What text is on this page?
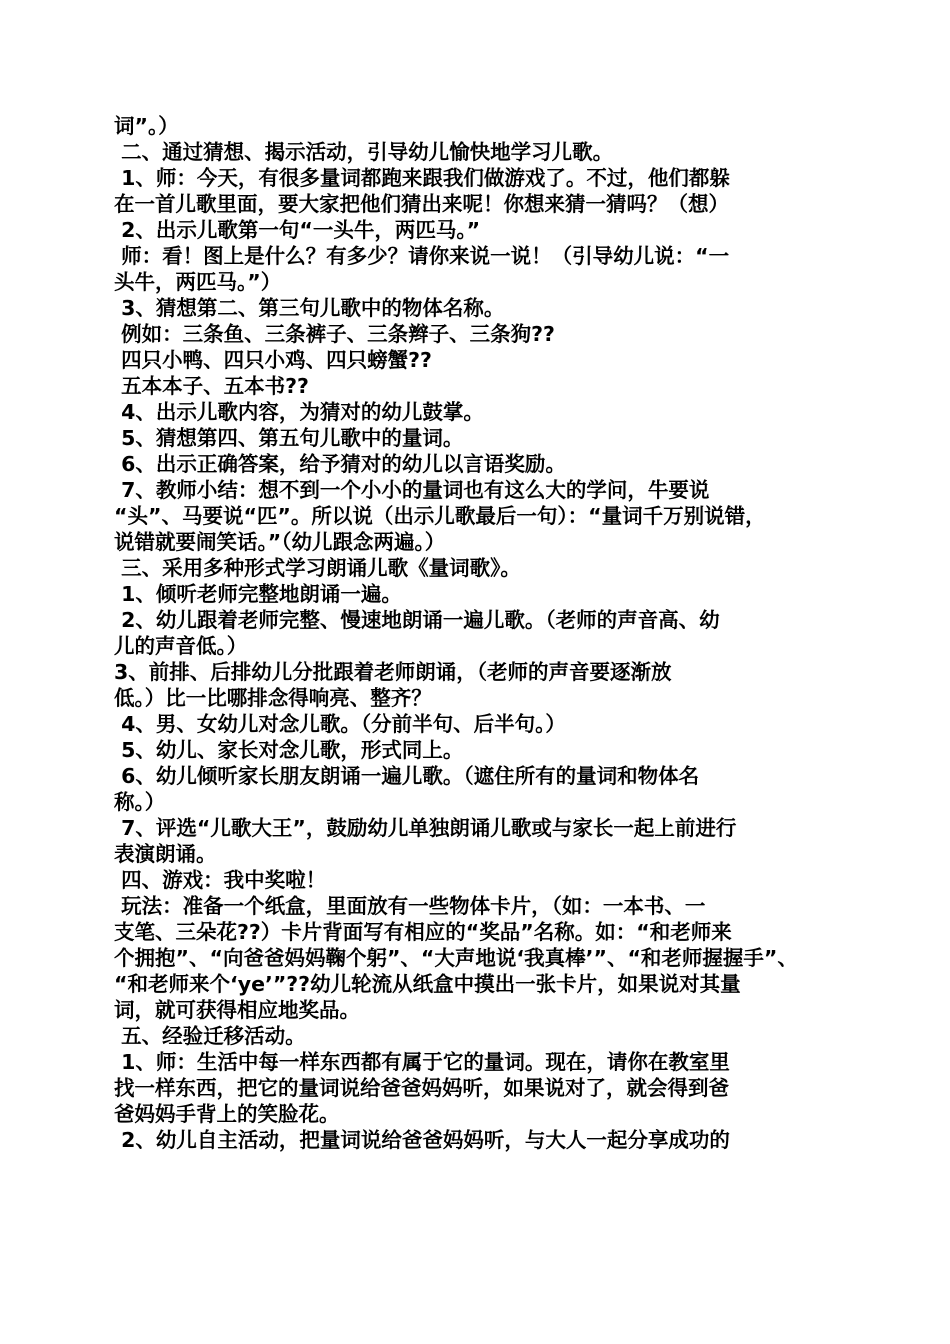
词”。）

二、通过猜想、揭示活动，引导幼儿愉快地学习儿歌。

1、师：今天，有很多量词都跑来跟我们做游戏了。不过，他们都躲

在一首儿歌里面，要大家把他们猜出来呢！你想来猜一猜吗？（想）

2、出示儿歌第一句“一头牛，两匹马。”

师：看！图上是什么？有多少？请你来说一说！（引导幼儿说：“一

头牛，两匹马。”）

3、猜想第二、第三句儿歌中的物体名称。

例如：三条鱼、三条裤子、三条辫子、三条狗??

四只小鸭、四只小鸡、四只螃蟹??

五本本子、五本书??

4、出示儿歌内容，为猜对的幼儿鼓掌。

5、猜想第四、第五句儿歌中的量词。

6、出示正确答案，给予猜对的幼儿以言语奖励。

7、教师小结：想不到一个小小的量词也有这么大的学问，牛要说

“头”、马要说“匹”。所以说（出示儿歌最后一句）：“量词千万别说错，

说错就要闹笑话。”（幼儿跟念两遍。）

三、采用多种形式学习朗诵儿歌《量词歌》。

1、倾听老师完整地朗诵一遍。

2、幼儿跟着老师完整、慢速地朗诵一遍儿歌。（老师的声音高、幼

儿的声音低。）

3、前排、后排幼儿分批跟着老师朗诵，（老师的声音要逐渐放

低。）比一比哪排念得响亮、整齐？

4、男、女幼儿对念儿歌。（分前半句、后半句。）

5、幼儿、家长对念儿歌，形式同上。

6、幼儿倾听家长朋友朗诵一遍儿歌。（遮住所有的量词和物体名

称。）

7、评选“儿歌大王”，鼓励幼儿单独朗诵儿歌或与家长一起上前进行

表演朗诵。

四、游戏：我中奖啦！

玩法：准备一个纸盒，里面放有一些物体卡片，（如：一本书、一

支笔、三朵花??）卡片背面写有相应的“奖品”名称。如：“和老师来

个拥抱”、“向爸爸妈妈鞠个躬”、“大声地说‘我真棒’”、“和老师握握手”、

“和老师来个‘ye’”??幼儿轮流从纸盒中摸出一张卡片，如果说对其量

词，就可获得相应地奖品。

五、经验迁移活动。

1、师：生活中每一样东西都有属于它的量词。现在，请你在教室里

找一样东西，把它的量词说给爸爸妈妈听，如果说对了，就会得到爸

爸妈妈手背上的笑脸花。

2、幼儿自主活动，把量词说给爸爸妈妈听，与大人一起分享成功的
